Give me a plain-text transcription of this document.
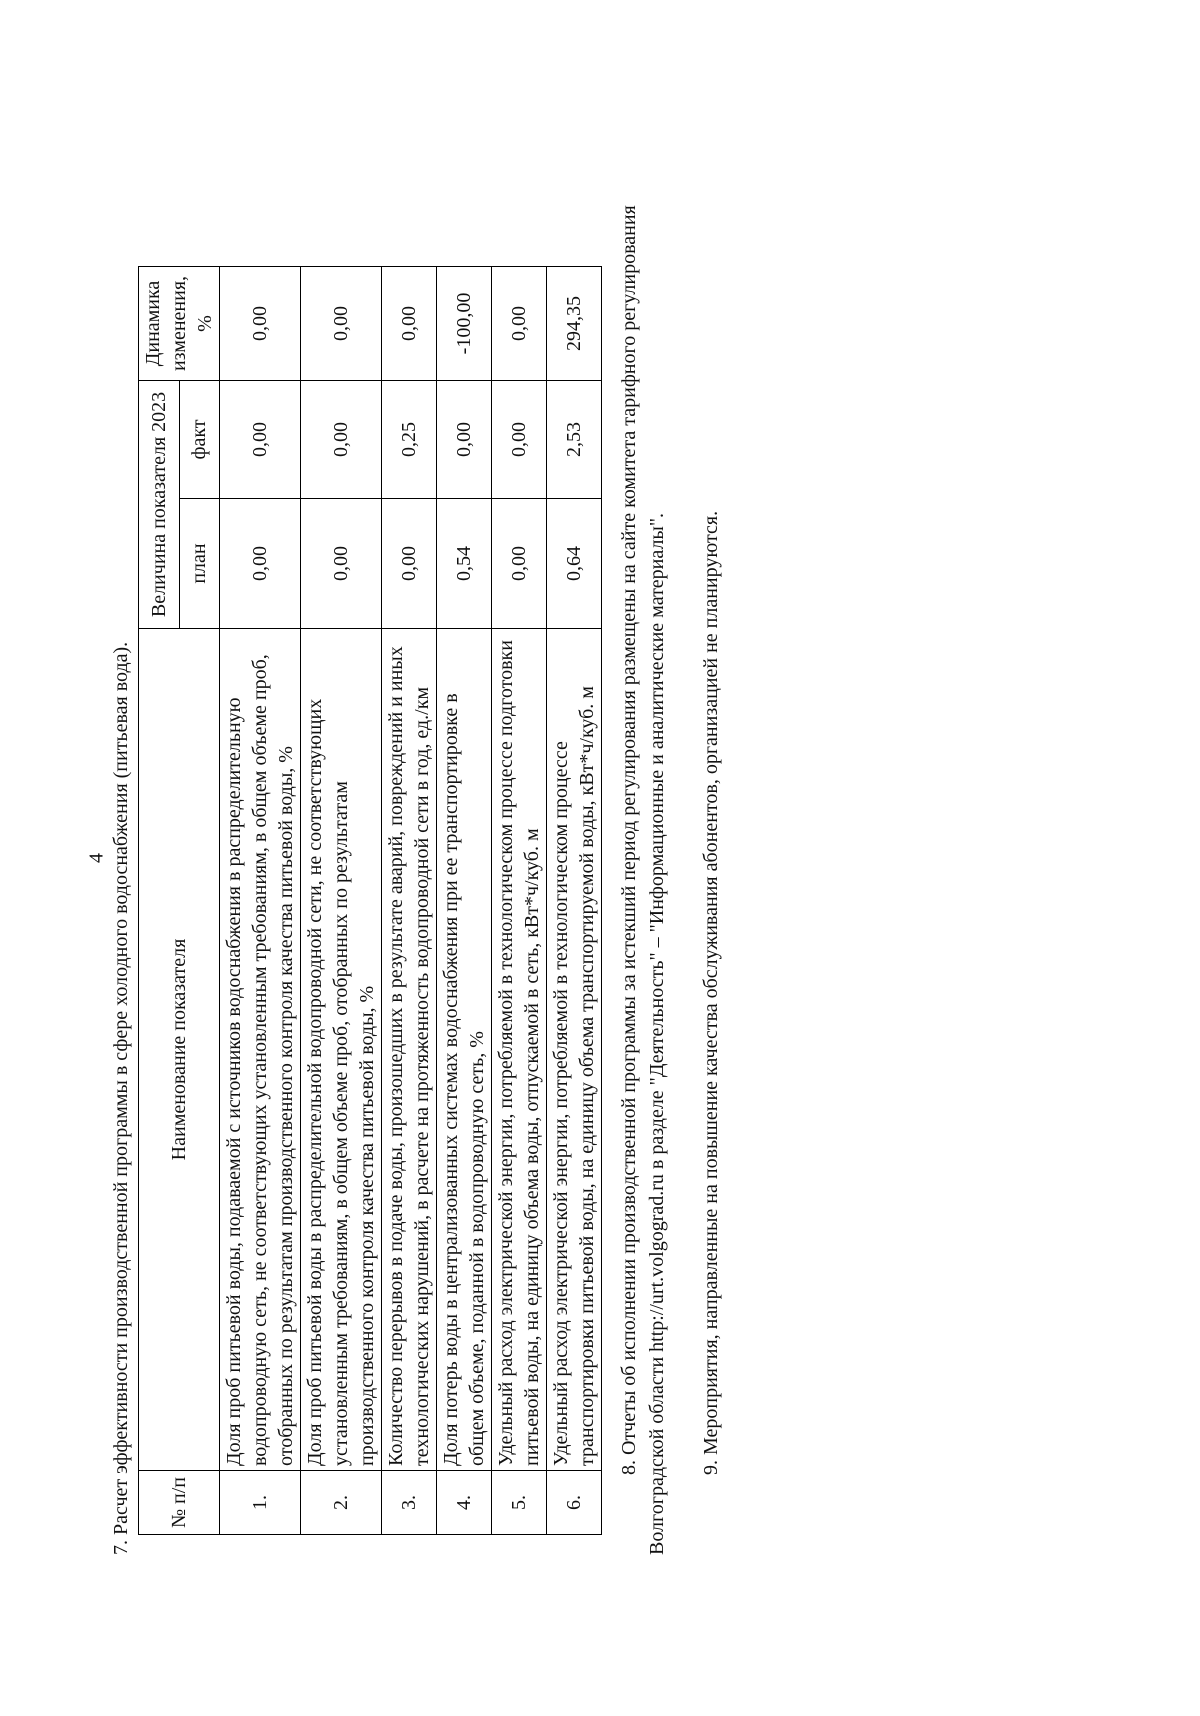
4 7. Расчет эффективности производственной программы в сфере холодного водоснабжения (питьевая вода). № п/п	Наименование показателя	Величина показателя 2023		Динамика изменения, %
		план	факт	
1.	Доля проб питьевой воды, подаваемой с источников водоснабжения в распределительную водопроводную сеть, не соответствующих установленным требованиям, в общем объеме проб, отобранных по результатам производственного контроля качества питьевой воды, %	0,00	0,00	0,00
2.	Доля проб питьевой воды в распределительной водопроводной сети, не соответствующих установленным требованиям, в общем объеме проб, отобранных по результатам производственного контроля качества питьевой воды, %	0,00	0,00	0,00
3.	Количество перерывов в подаче воды, произошедших в результате аварий, повреждений и иных технологических нарушений, в расчете на протяженность водопроводной сети в год, ед./км	0,00	0,25	0,00
4.	Доля потерь воды в централизованных системах водоснабжения при ее транспортировке в общем объеме, поданной в водопроводную сеть, %	0,54	0,00	-100,00
5.	Удельный расход электрической энергии, потребляемой в технологическом процессе подготовки питьевой воды, на единицу объема воды, отпускаемой в сеть, кВт*ч/куб. м	0,00	0,00	0,00
6.	Удельный расход электрической энергии, потребляемой в технологическом процессе транспортировки питьевой воды, на единицу объема транспортируемой воды, кВт*ч/куб. м	0,64	2,53	294,35 8. Отчеты об исполнении производственной программы за истекший период регулирования размещены на сайте комитета тарифного регулирования Волгоградской области http://urt.volgograd.ru в разделе "Деятельность" – "Информационные и аналитические материалы". 9. Мероприятия, направленные на повышение качества обслуживания абонентов, организацией не планируются.
